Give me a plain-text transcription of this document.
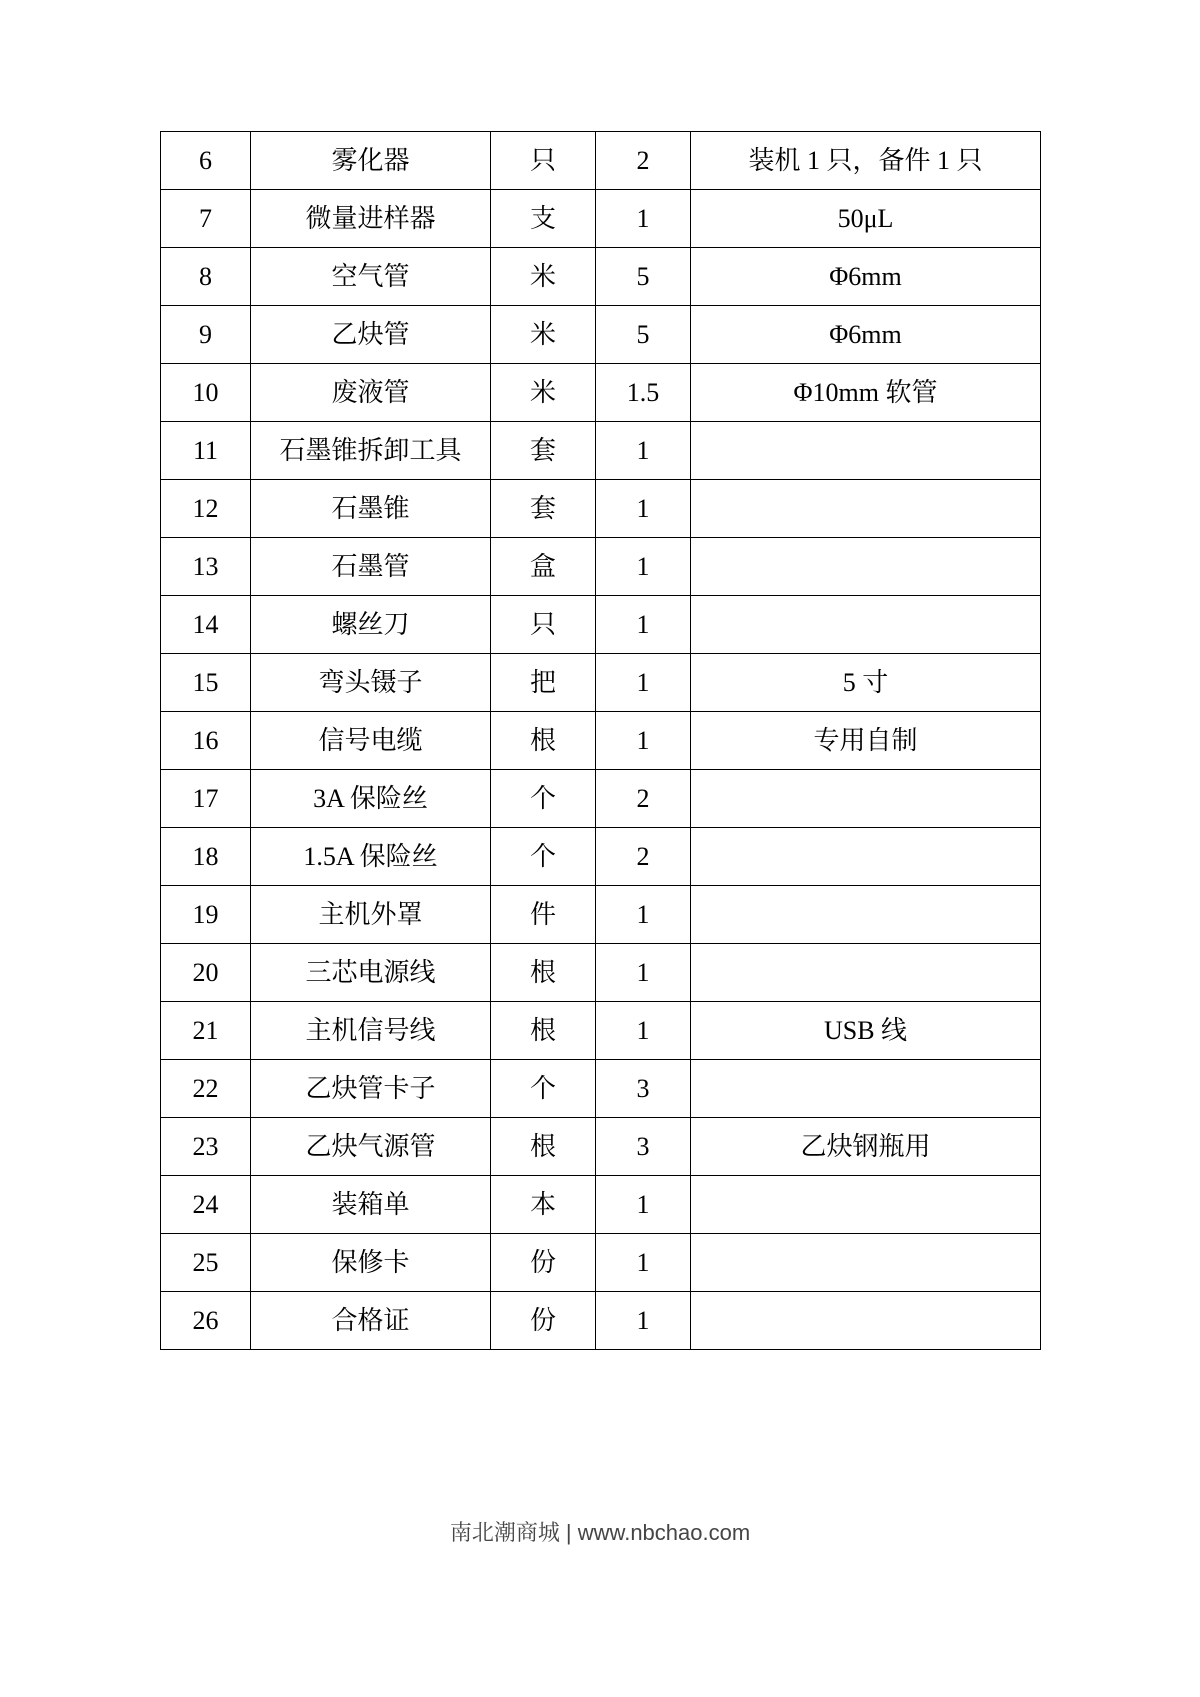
6	雾化器	只	2	装机 1 只，备件 1 只
7	微量进样器	支	1	50μL
8	空气管	米	5	Φ6mm
9	乙炔管	米	5	Φ6mm
10	废液管	米	1.5	Φ10mm 软管
11	石墨锥拆卸工具	套	1	
12	石墨锥	套	1	
13	石墨管	盒	1	
14	螺丝刀	只	1	
15	弯头镊子	把	1	5 寸
16	信号电缆	根	1	专用自制
17	3A 保险丝	个	2	
18	1.5A 保险丝	个	2	
19	主机外罩	件	1	
20	三芯电源线	根	1	
21	主机信号线	根	1	USB 线
22	乙炔管卡子	个	3	
23	乙炔气源管	根	3	乙炔钢瓶用
24	装箱单	本	1	
25	保修卡	份	1	
26	合格证	份	1	
南北潮商城 | www.nbchao.com
